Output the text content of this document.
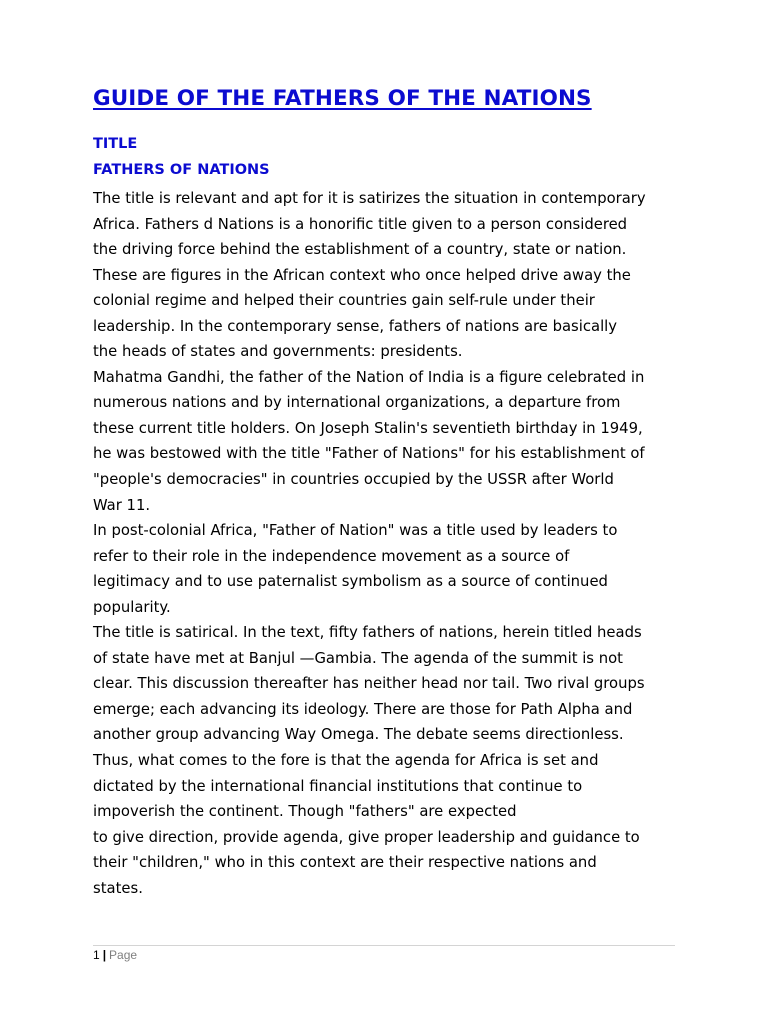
GUIDE OF THE FATHERS OF THE NATIONS
TITLE
FATHERS OF NATIONS
The title is relevant and apt for it is satirizes the situation in contemporary
Africa. Fathers d Nations is a honorific title given to a person considered
the driving force behind the establishment of a country, state or nation.
These are figures in the African context who once helped drive away the
colonial regime and helped their countries gain self-rule under their
leadership. In the contemporary sense, fathers of nations are basically
the heads of states and governments: presidents.
Mahatma Gandhi, the father of the Nation of India is a figure celebrated in
numerous nations and by international organizations, a departure from
these current title holders. On Joseph Stalin's seventieth birthday in 1949,
he was bestowed with the title "Father of Nations" for his establishment of
"people's democracies" in countries occupied by the USSR after World
War 11.
In post-colonial Africa, "Father of Nation" was a title used by leaders to
refer to their role in the independence movement as a source of
legitimacy and to use paternalist symbolism as a source of continued
popularity.
The title is satirical. In the text, fifty fathers of nations, herein titled heads
of state have met at Banjul —Gambia. The agenda of the summit is not
clear. This discussion thereafter has neither head nor tail. Two rival groups
emerge; each advancing its ideology. There are those for Path Alpha and
another group advancing Way Omega. The debate seems directionless.
Thus, what comes to the fore is that the agenda for Africa is set and
dictated by the international financial institutions that continue to
impoverish the continent. Though "fathers" are expected
to give direction, provide agenda, give proper leadership and guidance to
their "children," who in this context are their respective nations and
states.
1 | Page
